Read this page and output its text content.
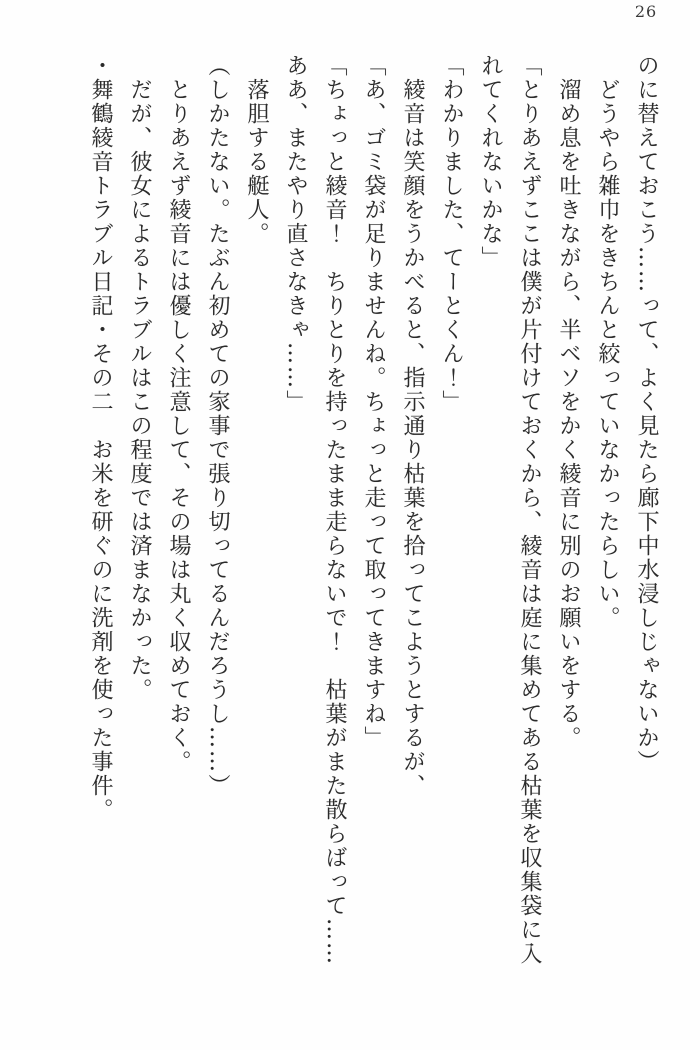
26

のに替えておこう……って、よく見たら廊下中水浸しじゃないか）

　どうやら雑巾をきちんと絞っていなかったらしい。

　溜め息を吐きながら、半ベソをかく綾音に別のお願いをする。

「とりあえずここは僕が片付けておくから、綾音は庭に集めてある枯葉を収集袋に入

れてくれないかな」

「わかりました、てーとくん！」

　綾音は笑顔をうかべると、指示通り枯葉を拾ってこようとするが、

「あ、ゴミ袋が足りませんね。ちょっと走って取ってきますね」

「ちょっと綾音！　ちりとりを持ったまま走らないで！　枯葉がまた散らばって……

ああ、またやり直さなきゃ……」

　落胆する艇人。

（しかたない。たぶん初めての家事で張り切ってるんだろうし……）

　とりあえず綾音には優しく注意して、その場は丸く収めておく。

　だが、彼女によるトラブルはこの程度では済まなかった。

・舞鶴綾音トラブル日記・その二　お米を研ぐのに洗剤を使った事件。
